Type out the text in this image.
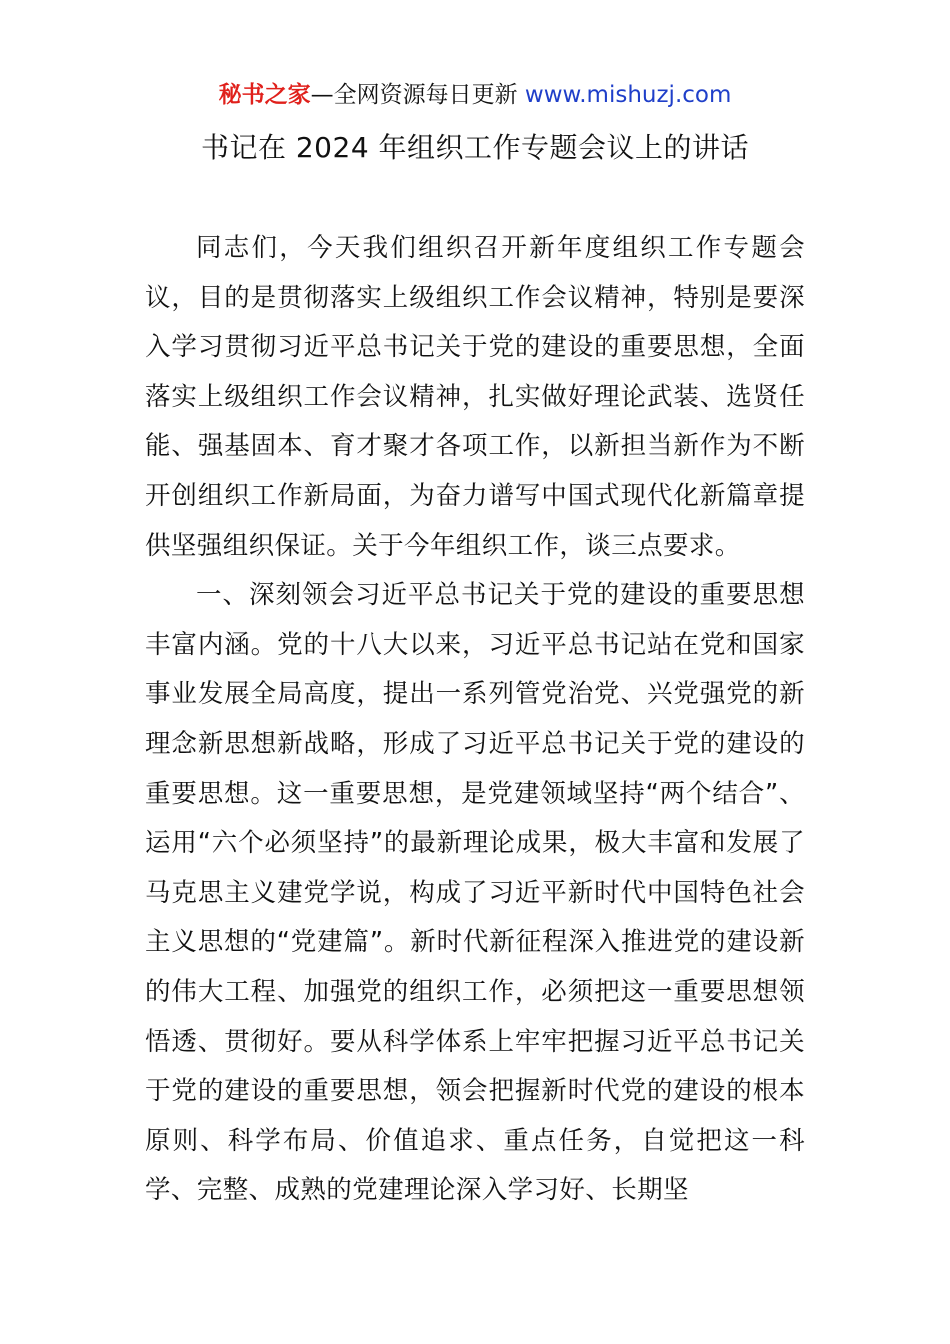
秘书之家—全网资源每日更新 www.mishuzj.com
书记在 2024 年组织工作专题会议上的讲话

同志们，今天我们组织召开新年度组织工作专题会议，目的是贯彻落实上级组织工作会议精神，特别是要深入学习贯彻习近平总书记关于党的建设的重要思想，全面落实上级组织工作会议精神，扎实做好理论武装、选贤任能、强基固本、育才聚才各项工作，以新担当新作为不断开创组织工作新局面，为奋力谱写中国式现代化新篇章提供坚强组织保证。关于今年组织工作，谈三点要求。

一、深刻领会习近平总书记关于党的建设的重要思想丰富内涵。党的十八大以来，习近平总书记站在党和国家事业发展全局高度，提出一系列管党治党、兴党强党的新理念新思想新战略，形成了习近平总书记关于党的建设的重要思想。这一重要思想，是党建领域坚持“两个结合”、运用“六个必须坚持”的最新理论成果，极大丰富和发展了马克思主义建党学说，构成了习近平新时代中国特色社会主义思想的“党建篇”。新时代新征程深入推进党的建设新的伟大工程、加强党的组织工作，必须把这一重要思想领悟透、贯彻好。要从科学体系上牢牢把握习近平总书记关于党的建设的重要思想，领会把握新时代党的建设的根本原则、科学布局、价值追求、重点任务，自觉把这一科学、完整、成熟的党建理论深入学习好、长期坚
